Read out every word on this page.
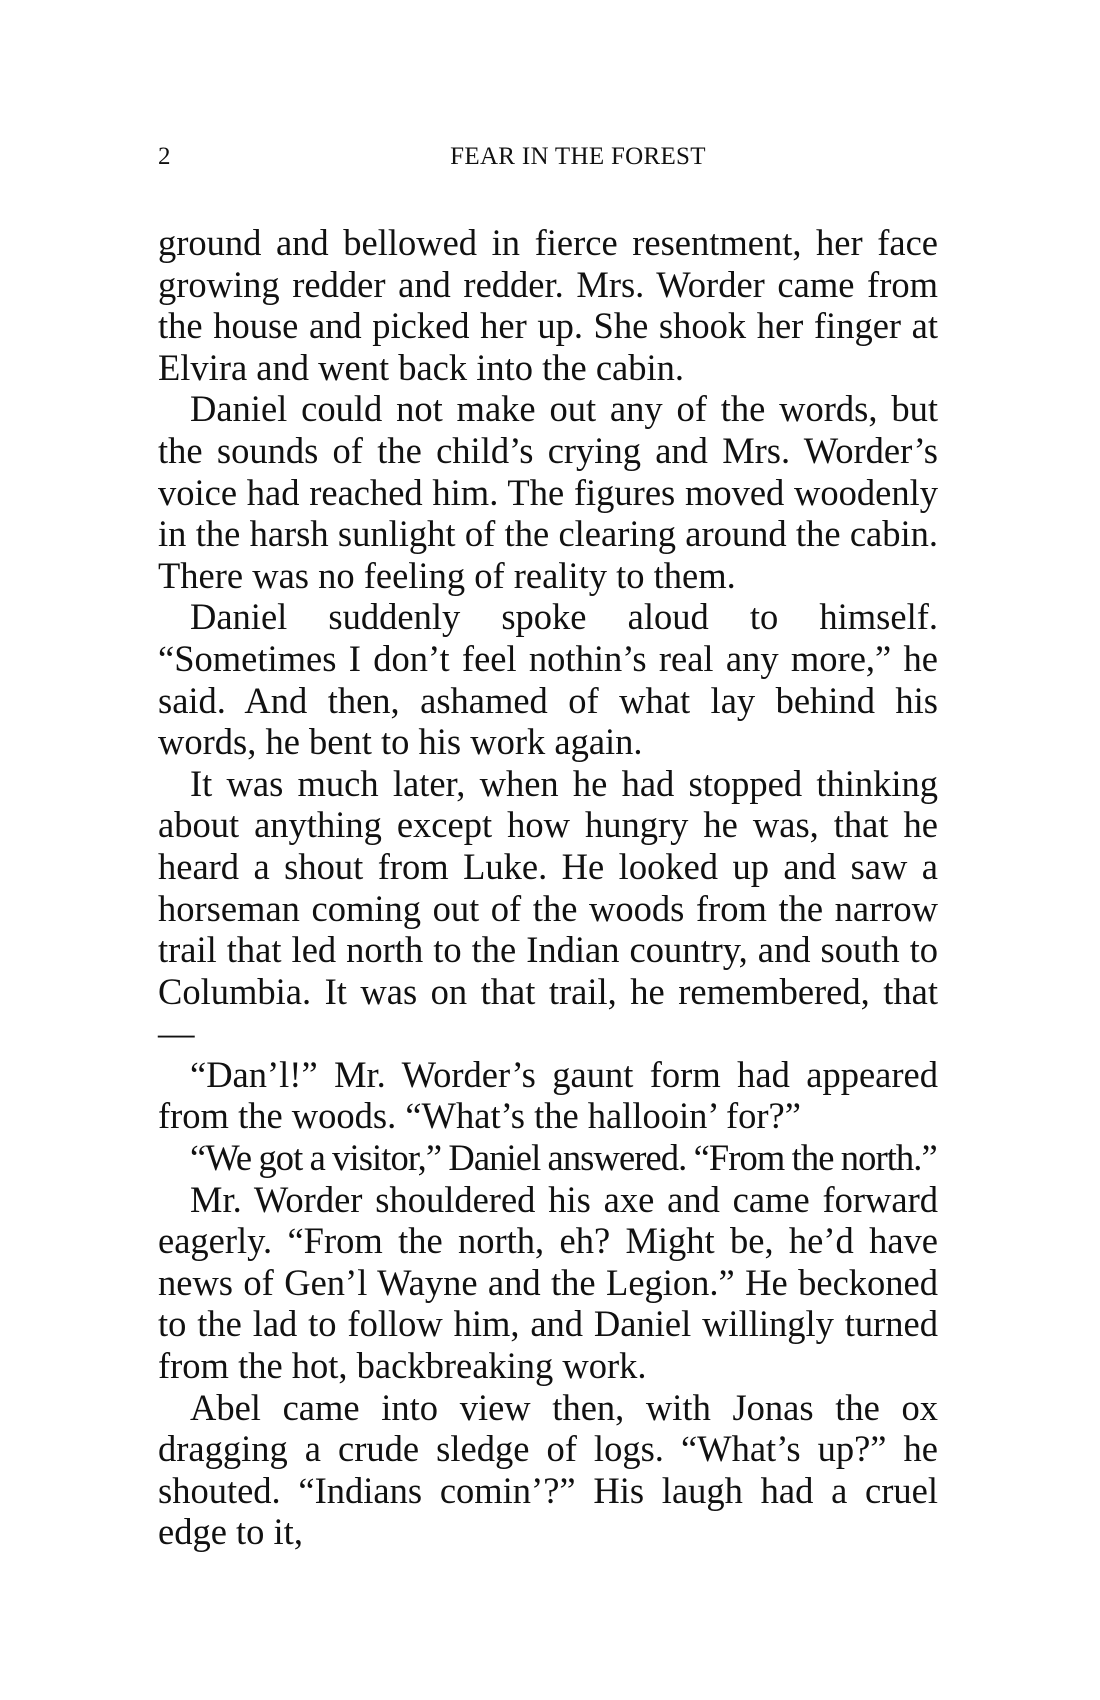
2	FEAR IN THE FOREST

ground and bellowed in fierce resentment, her face growing redder and redder. Mrs. Worder came from the house and picked her up. She shook her finger at Elvira and went back into the cabin.

Daniel could not make out any of the words, but the sounds of the child’s crying and Mrs. Worder’s voice had reached him. The figures moved woodenly in the harsh sunlight of the clearing around the cabin. There was no feeling of reality to them.

Daniel suddenly spoke aloud to himself. “Sometimes I don’t feel nothin’s real any more,” he said. And then, ashamed of what lay behind his words, he bent to his work again.

It was much later, when he had stopped thinking about anything except how hungry he was, that he heard a shout from Luke. He looked up and saw a horseman coming out of the woods from the narrow trail that led north to the Indian country, and south to Columbia. It was on that trail, he remembered, that—

“Dan’l!” Mr. Worder’s gaunt form had appeared from the woods. “What’s the halloo​in’ for?”

“We got a visitor,” Daniel answered. “From the north.”

Mr. Worder shouldered his axe and came forward eagerly. “From the north, eh? Might be, he’d have news of Gen’l Wayne and the Legion.” He beckoned to the lad to follow him, and Daniel willingly turned from the hot, backbreaking work.

Abel came into view then, with Jonas the ox dragging a crude sledge of logs. “What’s up?” he shouted. “Indians comin’?” His laugh had a cruel edge to it,
